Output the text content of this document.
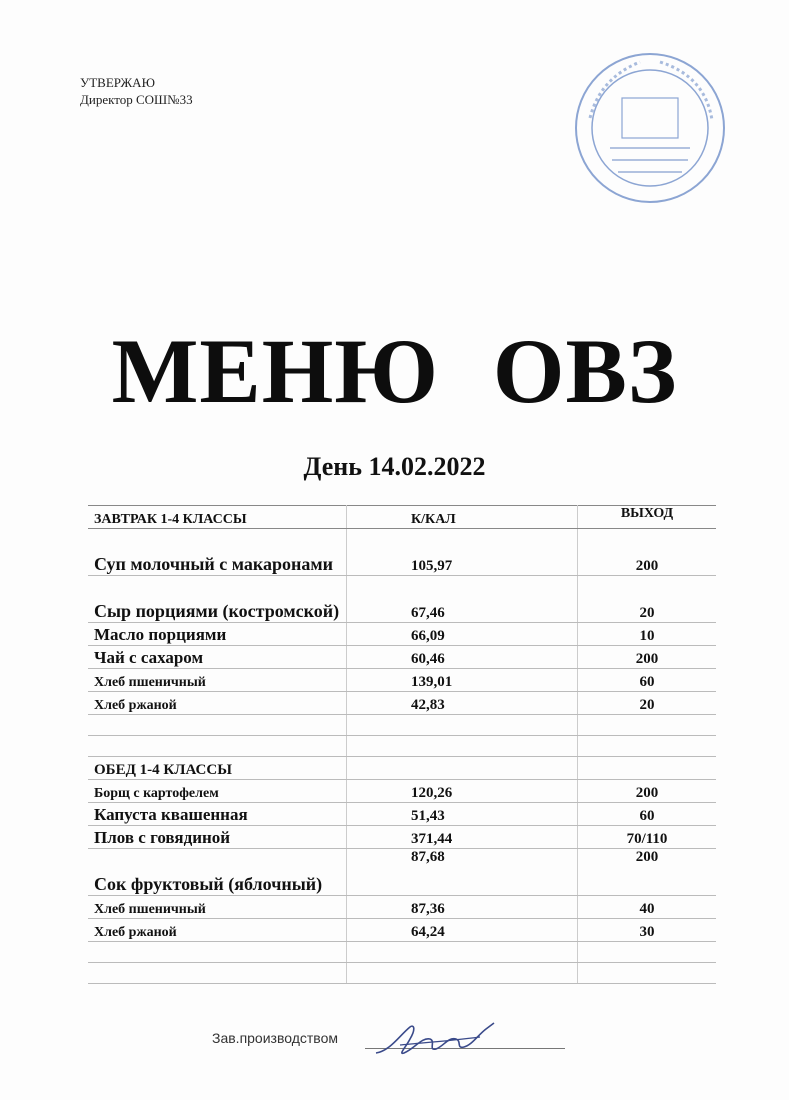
УТВЕРЖАЮ
Директор СОШ№33
МЕНЮ ОВЗ
День 14.02.2022
ЗАВТРАК 1-4 КЛАССЫ	К/КАЛ	ВЫХОД
Суп молочный с макаронами	105,97	200
Сыр порциями (костромской)	67,46	20
Масло порциями	66,09	10
Чай с сахаром	60,46	200
Хлеб пшеничный	139,01	60
Хлеб ржаной	42,83	20

ОБЕД 1-4 КЛАССЫ		
Борщ с картофелем	120,26	200
Капуста квашенная	51,43	60
Плов с говядиной	371,44	70/110
Сок фруктовый (яблочный)	87,68	200
Хлеб пшеничный	87,36	40
Хлеб ржаной	64,24	30

Зав.производством
